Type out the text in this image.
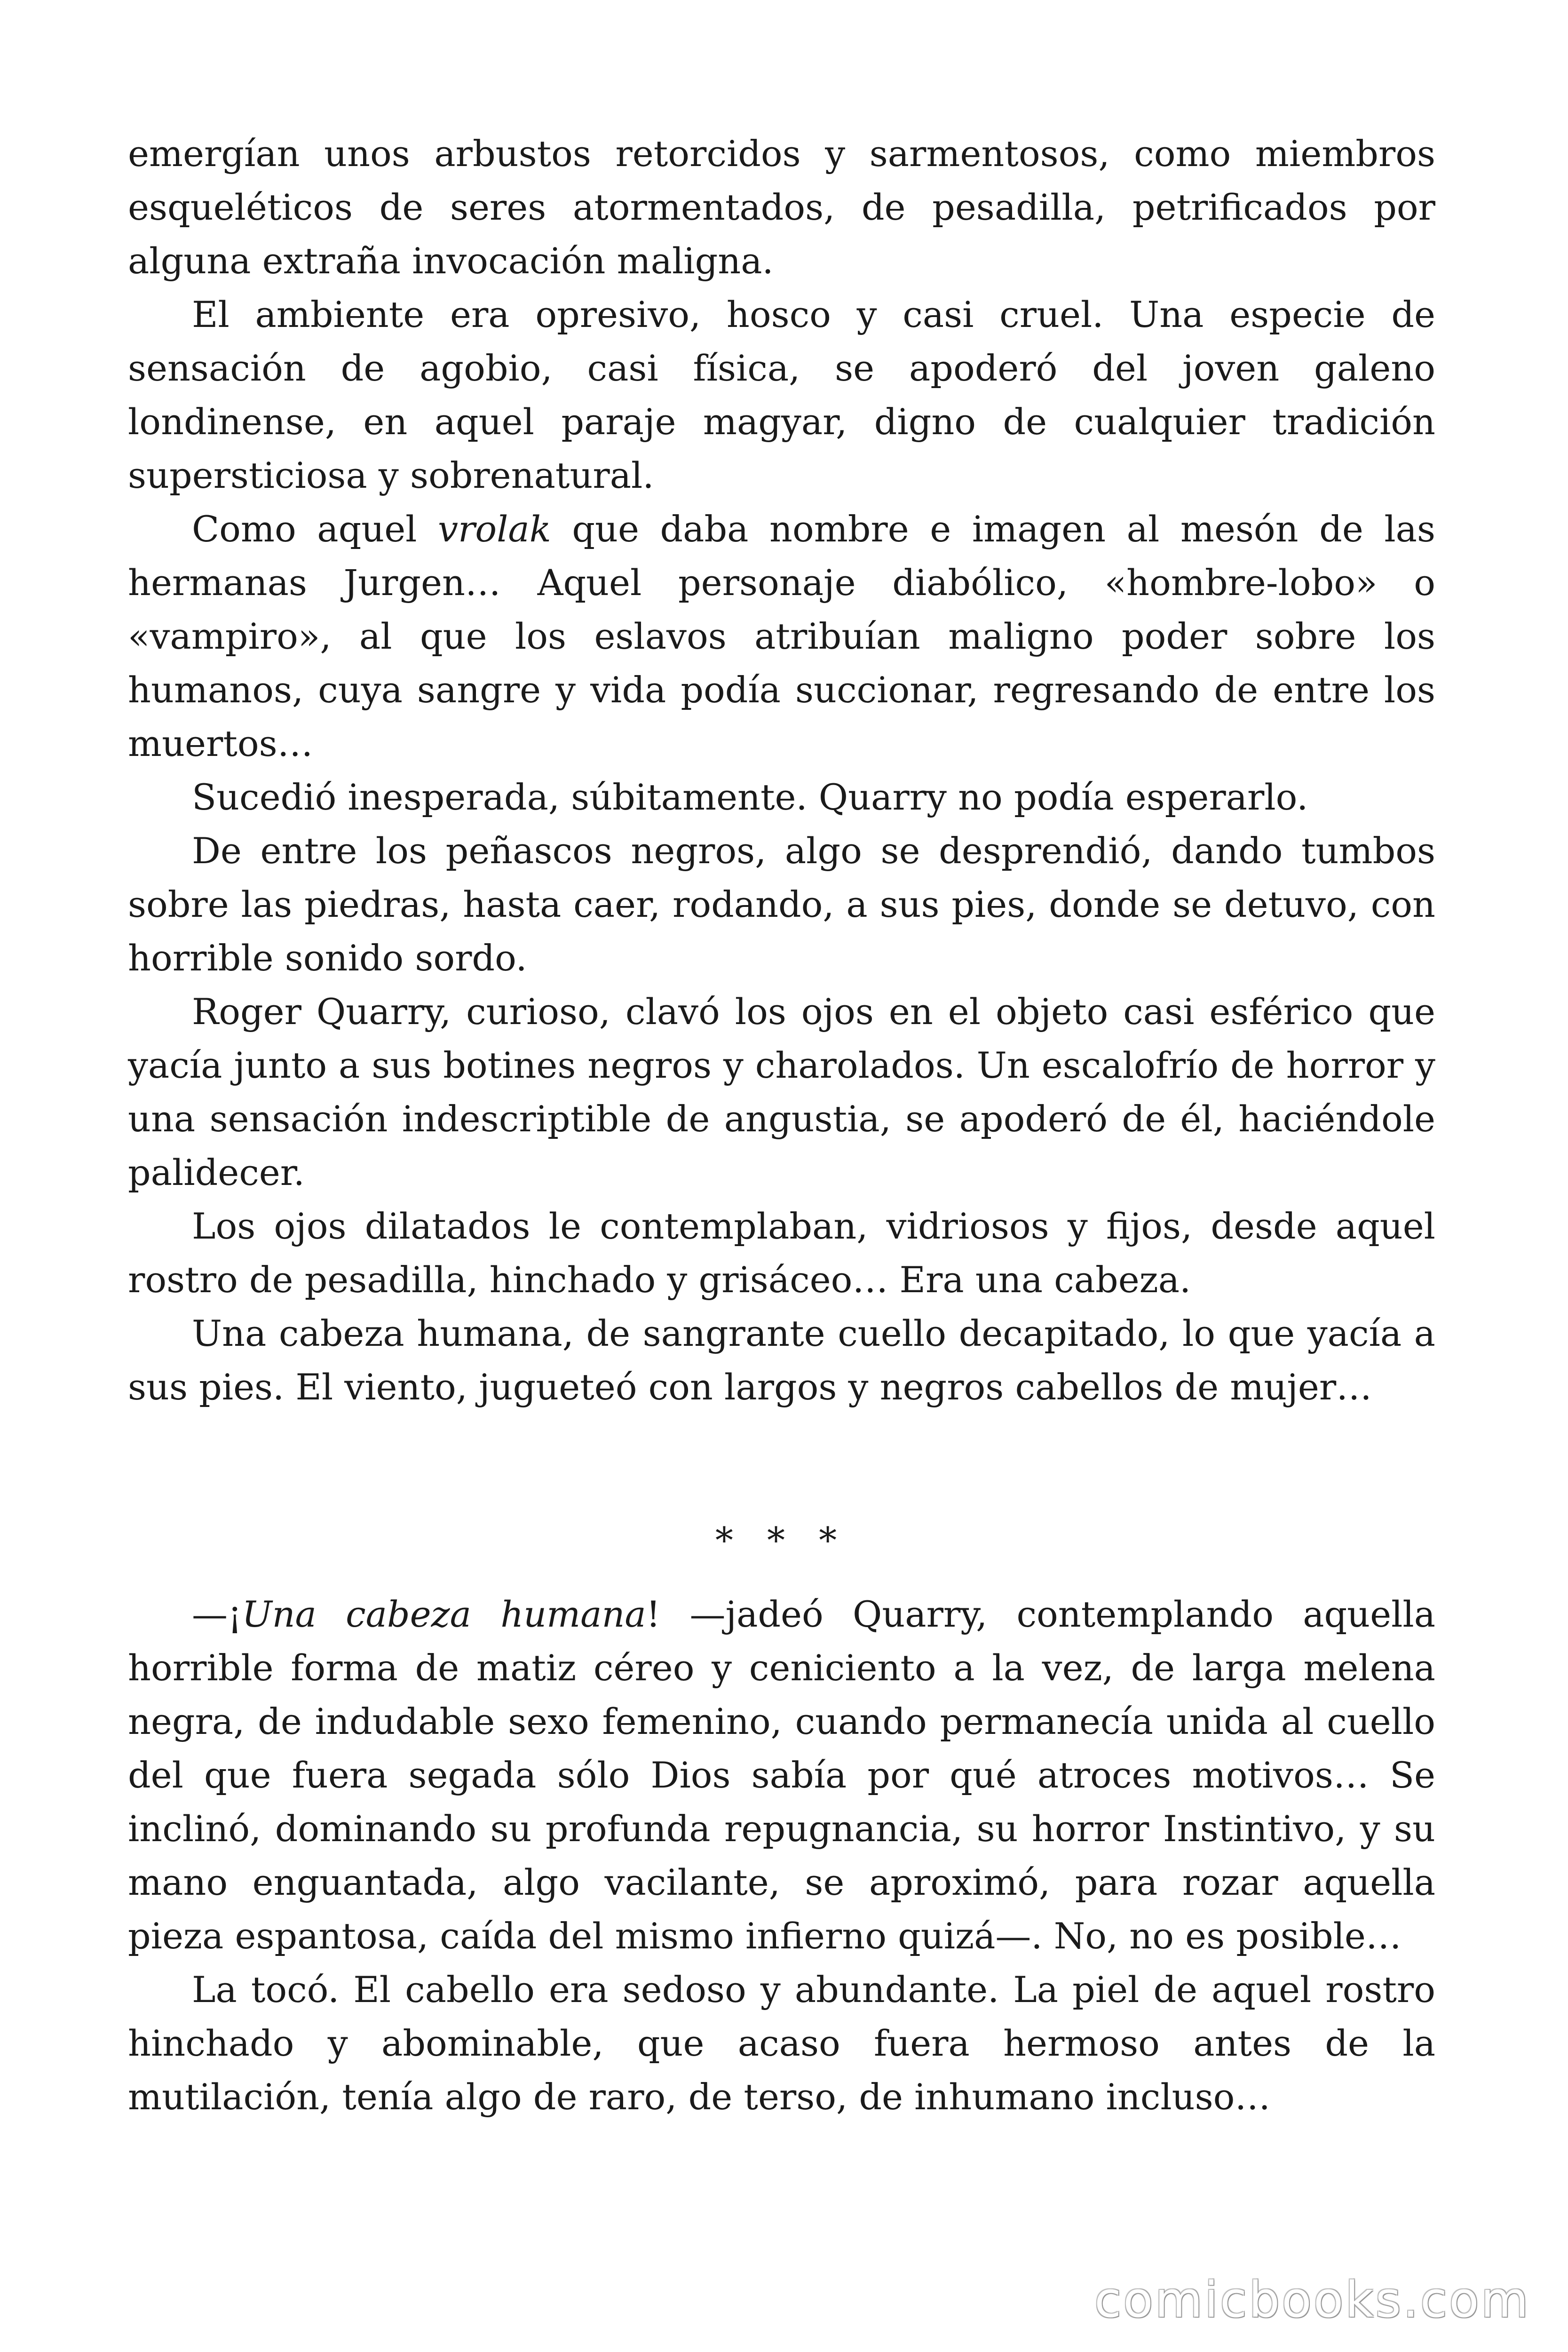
emergían unos arbustos retorcidos y sarmentosos, como miembros esqueléticos de seres atormentados, de pesadilla, petrificados por alguna extraña invocación maligna.

El ambiente era opresivo, hosco y casi cruel. Una especie de sensación de agobio, casi física, se apoderó del joven galeno londinense, en aquel paraje magyar, digno de cualquier tradición supersticiosa y sobrenatural.

Como aquel vrolak que daba nombre e imagen al mesón de las hermanas Jurgen… Aquel personaje diabólico, «hombre-lobo» o «vampiro», al que los eslavos atribuían maligno poder sobre los humanos, cuya sangre y vida podía succionar, regresando de entre los muertos…

Sucedió inesperada, súbitamente. Quarry no podía esperarlo.

De entre los peñascos negros, algo se desprendió, dando tumbos sobre las piedras, hasta caer, rodando, a sus pies, donde se detuvo, con horrible sonido sordo.

Roger Quarry, curioso, clavó los ojos en el objeto casi esférico que yacía junto a sus botines negros y charolados. Un escalofrío de horror y una sensación indescriptible de angustia, se apoderó de él, haciéndole palidecer.

Los ojos dilatados le contemplaban, vidriosos y fijos, desde aquel rostro de pesadilla, hinchado y grisáceo… Era una cabeza.

Una cabeza humana, de sangrante cuello decapitado, lo que yacía a sus pies. El viento, jugueteó con largos y negros cabellos de mujer…

* * *

—¡Una cabeza humana! —jadeó Quarry, contemplando aquella horrible forma de matiz céreo y ceniciento a la vez, de larga melena negra, de indudable sexo femenino, cuando permanecía unida al cuello del que fuera segada sólo Dios sabía por qué atroces motivos… Se inclinó, dominando su profunda repugnancia, su horror Instintivo, y su mano enguantada, algo vacilante, se aproximó, para rozar aquella pieza espantosa, caída del mismo infierno quizá—. No, no es posible…

La tocó. El cabello era sedoso y abundante. La piel de aquel rostro hinchado y abominable, que acaso fuera hermoso antes de la mutilación, tenía algo de raro, de terso, de inhumano incluso…

comicbooks.com
